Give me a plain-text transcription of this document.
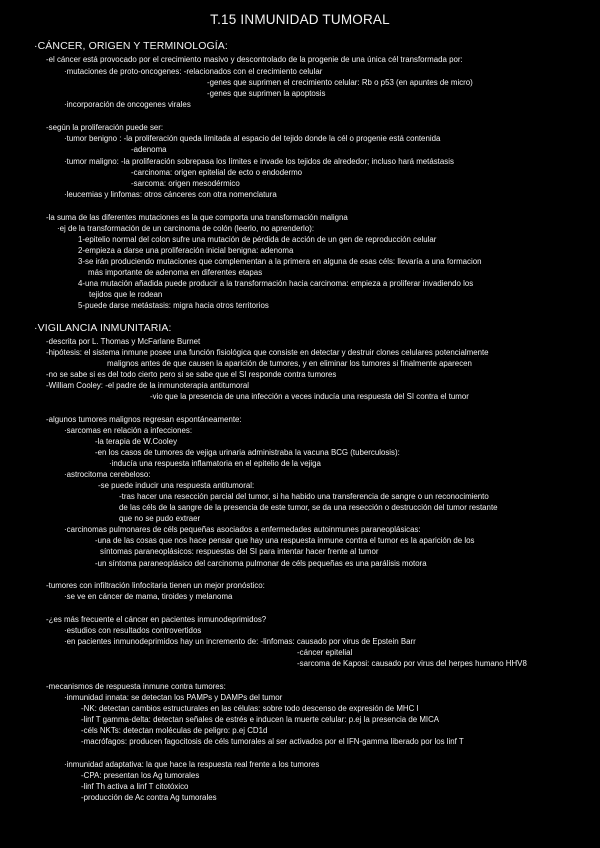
T.15 INMUNIDAD TUMORAL
·CÁNCER, ORIGEN Y TERMINOLOGÍA:
-el cáncer está provocado por el crecimiento masivo y descontrolado de la progenie de una única cél transformada por:
·mutaciones de proto-oncogenes: -relacionados con el crecimiento celular
-genes que suprimen el crecimiento celular: Rb o p53 (en apuntes de micro)
-genes que suprimen la apoptosis
·incorporación de oncogenes virales
-según la proliferación puede ser:
·tumor benigno : -la proliferación queda limitada al espacio del tejido donde la cél o progenie está contenida
-adenoma
·tumor maligno: -la proliferación sobrepasa los límites e invade los tejidos de alrededor; incluso hará metástasis
-carcinoma: origen epitelial de ecto o endodermo
-sarcoma: origen mesodérmico
·leucemias y linfomas: otros cánceres con otra nomenclatura
-la suma de las diferentes mutaciones es la que comporta una transformación maligna
·ej de la transformación de un carcinoma de colón (leerlo, no aprenderlo):
1-epitelio normal del colon sufre una mutación de pérdida de acción de un gen de reproducción celular
2-empieza a darse una proliferación inicial benigna: adenoma
3-se irán produciendo mutaciones que complementan a la primera en alguna de esas céls: llevaría a una formacion
más importante de adenoma en diferentes etapas
4-una mutación añadida puede producir a la transformación hacia carcinoma: empieza a proliferar invadiendo los
tejidos que le rodean
5-puede darse metástasis: migra hacia otros territorios
·VIGILANCIA INMUNITARIA:
-descrita por L. Thomas y McFarlane Burnet
-hipótesis: el sistema inmune posee una función fisiológica que consiste en detectar y destruir clones celulares potencialmente
malignos antes de que causen la aparición de tumores, y en eliminar los tumores si finalmente aparecen
-no se sabe si es del todo cierto pero si se sabe que el SI responde contra tumores
-William Cooley: -el padre de la inmunoterapia antitumoral
-vio que la presencia de una infección a veces inducía una respuesta del SI contra el tumor
-algunos tumores malignos regresan espontáneamente:
·sarcomas en relación a infecciones:
-la terapia de W.Cooley
-en los casos de tumores de vejiga urinaria administraba la vacuna BCG (tuberculosis):
·inducía una respuesta inflamatoria en el epitelio de la vejiga
·astrocitoma cerebeloso:
-se puede inducir una respuesta antitumoral:
-tras hacer una resección parcial del tumor, si ha habido una transferencia de sangre o un reconocimiento
de las céls de la sangre de la presencia de este tumor, se da una resección o destrucción del tumor restante
que no se pudo extraer
·carcinomas pulmonares de céls pequeñas asociados a enfermedades autoinmunes paraneoplásicas:
-una de las cosas que nos hace pensar que hay una respuesta inmune contra el tumor es la aparición de los
síntomas paraneoplásicos: respuestas del SI para intentar hacer frente al tumor
-un síntoma paraneoplásico del carcinoma pulmonar de céls pequeñas es una parálisis motora
-tumores con infiltración linfocitaria tienen un mejor pronóstico:
·se ve en cáncer de mama, tiroides y melanoma
-¿es más frecuente el cáncer en pacientes inmunodeprimidos?
·estudios con resultados controvertidos
·en pacientes inmunodeprimidos hay un incremento de: -linfomas: causado por virus de Epstein Barr
-cáncer epitelial
-sarcoma de Kaposi: causado por virus del herpes humano HHV8
-mecanismos de respuesta inmune contra tumores:
·inmunidad innata: se detectan los PAMPs y DAMPs del tumor
-NK: detectan cambios estructurales en las células: sobre todo descenso de expresión de MHC I
-linf T gamma-delta: detectan señales de estrés e inducen la muerte celular: p.ej la presencia de MICA
-céls NKTs: detectan moléculas de peligro: p.ej CD1d
-macrófagos: producen fagocitosis de céls tumorales al ser activados por el IFN-gamma liberado por los linf T
·inmunidad adaptativa: la que hace la respuesta real frente a los tumores
-CPA: presentan los Ag tumorales
-linf Th activa a linf T citotóxico
-producción de Ac contra Ag tumorales
